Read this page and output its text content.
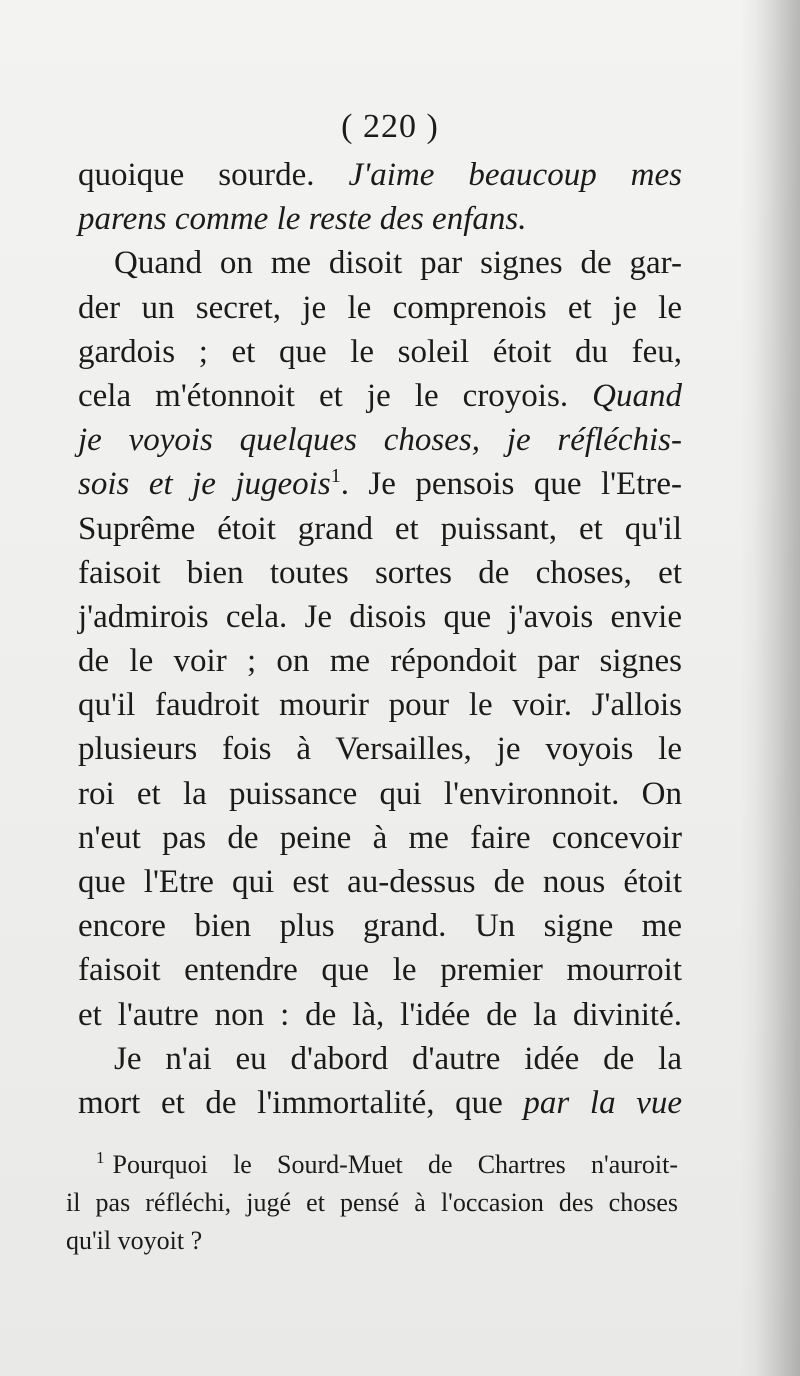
( 220 )
quoique sourde. J'aime beaucoup mes
parens comme le reste des enfans.
Quand on me disoit par signes de gar-
der un secret, je le comprenois et je le
gardois ; et que le soleil étoit du feu,
cela m'étonnoit et je le croyois. Quand
je voyois quelques choses, je réfléchis-
sois et je jugeois$^1$. Je pensois que l'Etre-
Suprême étoit grand et puissant, et qu'il
faisoit bien toutes sortes de choses, et
j'admirois cela. Je disois que j'avois envie
de le voir ; on me répondoit par signes
qu'il faudroit mourir pour le voir. J'allois
plusieurs fois à Versailles, je voyois le
roi et la puissance qui l'environnoit. On
n'eut pas de peine à me faire concevoir
que l'Etre qui est au-dessus de nous étoit
encore bien plus grand. Un signe me
faisoit entendre que le premier mourroit
et l'autre non : de là, l'idée de la divinité.
Je n'ai eu d'abord d'autre idée de la
mort et de l'immortalité, que par la vue
$^1$ Pourquoi le Sourd-Muet de Chartres n'auroit-
il pas réfléchi, jugé et pensé à l'occasion des choses
qu'il voyoit ?
